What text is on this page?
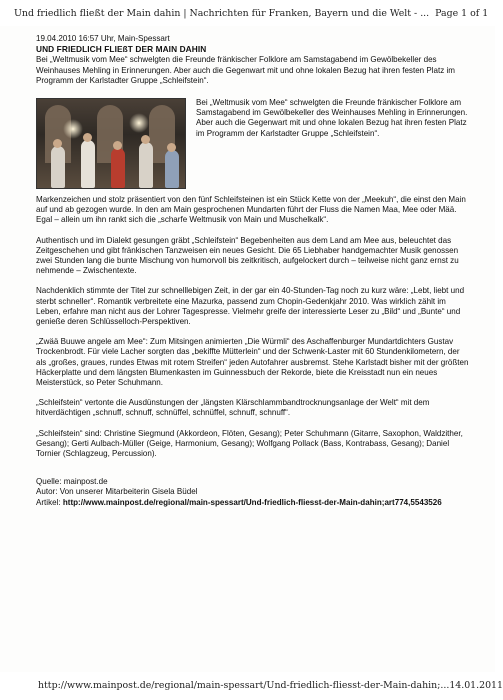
Und friedlich fließt der Main dahin | Nachrichten für Franken, Bayern und die Welt - ... Page 1 of 1
19.04.2010 16:57 Uhr, Main-Spessart
UND FRIEDLICH FLIEßT DER MAIN DAHIN
Bei „Weltmusik vom Mee“ schwelgten die Freunde fränkischer Folklore am Samstagabend im Gewölbekeller des Weinhauses Mehling in Erinnerungen. Aber auch die Gegenwart mit und ohne lokalen Bezug hat ihren festen Platz im Programm der Karlstadter Gruppe „Schleifstein“.
Bei „Weltmusik vom Mee“ schwelgten die Freunde fränkischer Folklore am Samstagabend im Gewölbekeller des Weinhauses Mehling in Erinnerungen. Aber auch die Gegenwart mit und ohne lokalen Bezug hat ihren festen Platz im Programm der Karlstadter Gruppe „Schleifstein“.
Markenzeichen und stolz präsentiert von den fünf Schleifsteinen ist ein Stück Kette von der „Meekuh“, die einst den Main auf und ab gezogen wurde. In den am Main gesprochenen Mundarten führt der Fluss die Namen Maa, Mee oder Mää. Egal – allein um ihn rankt sich die „scharfe Weltmusik von Main und Muschelkalk“.
Authentisch und im Dialekt gesungen gräbt „Schleifstein“ Begebenheiten aus dem Land am Mee aus, beleuchtet das Zeitgeschehen und gibt fränkischen Tanzweisen ein neues Gesicht. Die 65 Liebhaber handgemachter Musik genossen zwei Stunden lang die bunte Mischung von humorvoll bis zeitkritisch, aufgelockert durch – teilweise nicht ganz ernst zu nehmende – Zwischentexte.
Nachdenklich stimmte der Titel zur schnelllebigen Zeit, in der gar ein 40-Stunden-Tag noch zu kurz wäre: „Lebt, liebt und sterbt schneller“. Romantik verbreitete eine Mazurka, passend zum Chopin-Gedenkjahr 2010. Was wirklich zählt im Leben, erfahre man nicht aus der Lohrer Tagespresse. Vielmehr greife der interessierte Leser zu „Bild“ und „Bunte“ und genieße deren Schlüsselloch-Perspektiven.
„Zwää Buuwe angele am Mee“: Zum Mitsingen animierten „Die Würmli“ des Aschaffenburger Mundartdichters Gustav Trockenbrodt. Für viele Lacher sorgten das „bekiffte Mütterlein“ und der Schwenk-Laster mit 60 Stundenkilometern, der als „großes, graues, rundes Etwas mit rotem Streifen“ jeden Autofahrer ausbremst. Stehe Karlstadt bisher mit der größten Häckerplatte und dem längsten Blumenkasten im Guinnessbuch der Rekorde, biete die Kreisstadt nun ein neues Meisterstück, so Peter Schuhmann.
„Schleifstein“ vertonte die Ausdünstungen der „längsten Klärschlammbandtrocknungsanlage der Welt“ mit dem hitverdächtigen „schnuff, schnuff, schnüffel, schnüffel, schnuff, schnuff“.
„Schleifstein“ sind: Christine Siegmund (Akkordeon, Flöten, Gesang); Peter Schuhmann (Gitarre, Saxophon, Waldzither, Gesang); Gerti Aulbach-Müller (Geige, Harmonium, Gesang); Wolfgang Pollack (Bass, Kontrabass, Gesang); Daniel Tornier (Schlagzeug, Percussion).
Quelle: mainpost.de
Autor: Von unserer Mitarbeiterin Gisela Büdel
Artikel: http://www.mainpost.de/regional/main-spessart/Und-friedlich-fliesst-der-Main-dahin;art774,5543526
http://www.mainpost.de/regional/main-spessart/Und-friedlich-fliesst-der-Main-dahin;... 14.01.2011
